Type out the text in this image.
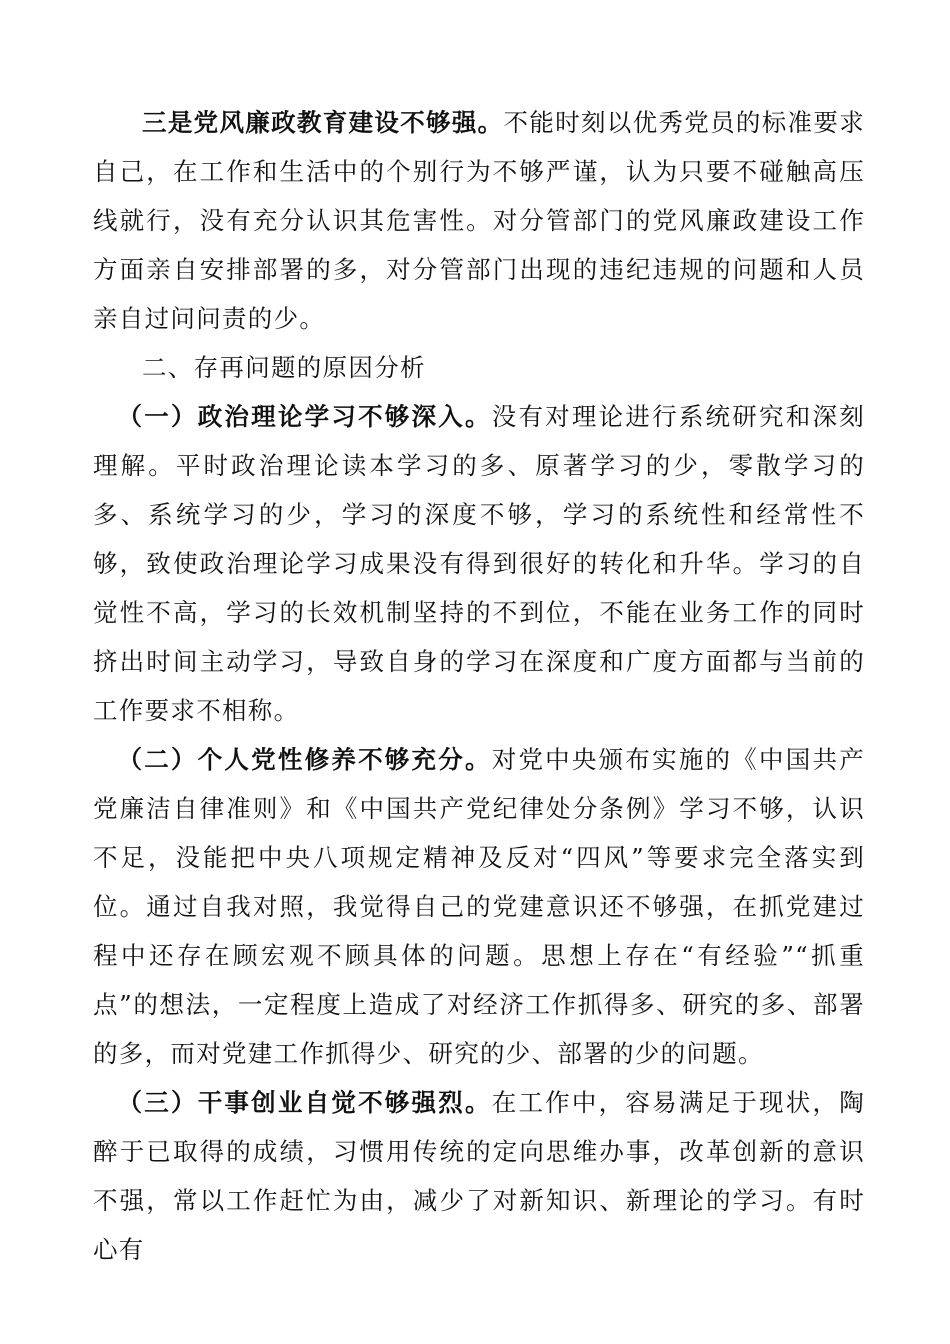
三是党风廉政教育建设不够强。不能时刻以优秀党员的标准要求自己，在工作和生活中的个别行为不够严谨，认为只要不碰触高压线就行，没有充分认识其危害性。对分管部门的党风廉政建设工作方面亲自安排部署的多，对分管部门出现的违纪违规的问题和人员亲自过问问责的少。

二、存再问题的原因分析

（一）政治理论学习不够深入。没有对理论进行系统研究和深刻理解。平时政治理论读本学习的多、原著学习的少，零散学习的多、系统学习的少，学习的深度不够，学习的系统性和经常性不够，致使政治理论学习成果没有得到很好的转化和升华。学习的自觉性不高，学习的长效机制坚持的不到位，不能在业务工作的同时挤出时间主动学习，导致自身的学习在深度和广度方面都与当前的工作要求不相称。

（二）个人党性修养不够充分。对党中央颁布实施的《中国共产党廉洁自律准则》和《中国共产党纪律处分条例》学习不够，认识不足，没能把中央八项规定精神及反对“四风”等要求完全落实到位。通过自我对照，我觉得自己的党建意识还不够强，在抓党建过程中还存在顾宏观不顾具体的问题。思想上存在“有经验”“抓重点”的想法，一定程度上造成了对经济工作抓得多、研究的多、部署的多，而对党建工作抓得少、研究的少、部署的少的问题。

（三）干事创业自觉不够强烈。在工作中，容易满足于现状，陶醉于已取得的成绩，习惯用传统的定向思维办事，改革创新的意识不强，常以工作赶忙为由，减少了对新知识、新理论的学习。有时心有
